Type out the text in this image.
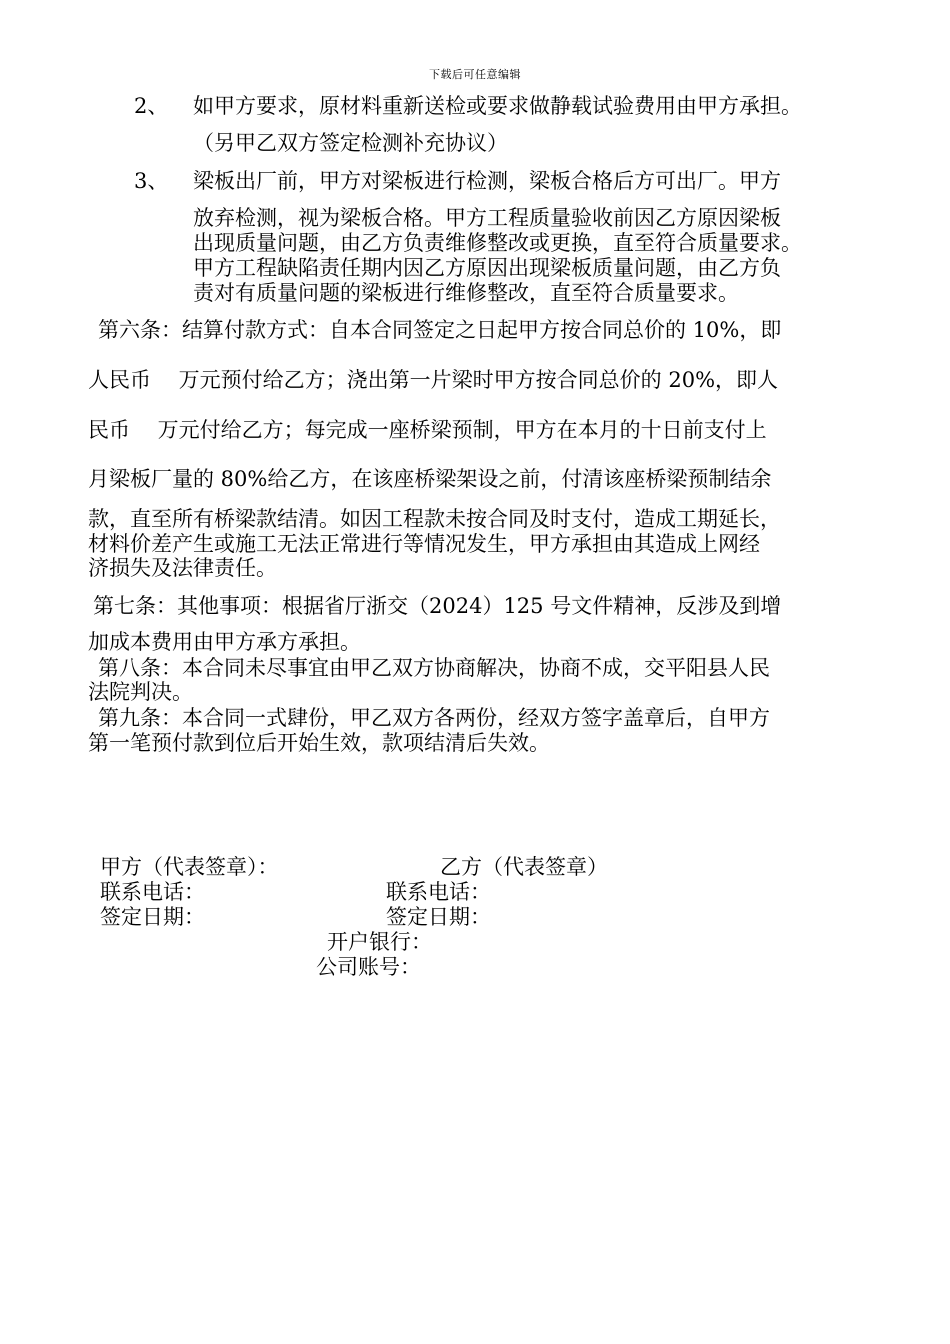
下载后可任意编辑
2、 如甲方要求，原材料重新送检或要求做静载试验费用由甲方承担。
（另甲乙双方签定检测补充协议）
3、 梁板出厂前，甲方对梁板进行检测，梁板合格后方可出厂。甲方
放弃检测，视为梁板合格。甲方工程质量验收前因乙方原因梁板
出现质量问题，由乙方负责维修整改或更换，直至符合质量要求。
甲方工程缺陷责任期内因乙方原因出现梁板质量问题，由乙方负
责对有质量问题的梁板进行维修整改，直至符合质量要求。
第六条：结算付款方式：自本合同签定之日起甲方按合同总价的 10%，即
人民币　 万元预付给乙方；浇出第一片梁时甲方按合同总价的 20%，即人
民币　 万元付给乙方；每完成一座桥梁预制，甲方在本月的十日前支付上
月梁板厂量的 80%给乙方，在该座桥梁架设之前，付清该座桥梁预制结余
款，直至所有桥梁款结清。如因工程款未按合同及时支付，造成工期延长，
材料价差产生或施工无法正常进行等情况发生，甲方承担由其造成上网经
济损失及法律责任。
第七条：其他事项：根据省厅浙交（2024）125 号文件精神，反涉及到增
加成本费用由甲方承方承担。
第八条：本合同未尽事宜由甲乙双方协商解决，协商不成，交平阳县人民
法院判决。
第九条：本合同一式肆份，甲乙双方各两份，经双方签字盖章后，自甲方
第一笔预付款到位后开始生效，款项结清后失效。
甲方（代表签章）：	乙方（代表签章）
联系电话：	联系电话：
签定日期：	签定日期：
开户银行：
公司账号：
